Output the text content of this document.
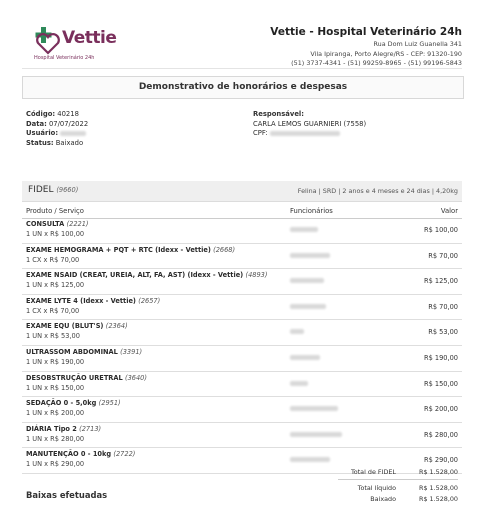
Vettie
Hospital Veterinário 24h
Vettie - Hospital Veterinário 24h
Rua Dom Luiz Guanella 341
Vila Ipiranga, Porto Alegre/RS - CEP: 91320-190
(51) 3737-4341 - (51) 99259-8965 - (51) 99196-5843
Demonstrativo de honorários e despesas
Código: 40218
Data: 07/07/2022
Usuário:
Status: Baixado
Responsável:
CARLA LEMOS GUARNIERI (7558)
CPF:
FIDEL (9660)	Felina | SRD | 2 anos e 4 meses e 24 dias | 4,20kg
Produto / Serviço	Funcionários	Valor
CONSULTA (2221)
1 UN x R$ 100,00	R$ 100,00
EXAME HEMOGRAMA + PQT + RTC (Idexx - Vettie) (2668)
1 CX x R$ 70,00	R$ 70,00
EXAME NSAID (CREAT, UREIA, ALT, FA, AST) (Idexx - Vettie) (4893)
1 UN x R$ 125,00	R$ 125,00
EXAME LYTE 4 (Idexx - Vettie) (2657)
1 CX x R$ 70,00	R$ 70,00
EXAME EQU (BLUT'S) (2364)
1 UN x R$ 53,00	R$ 53,00
ULTRASSOM ABDOMINAL (3391)
1 UN x R$ 190,00	R$ 190,00
DESOBSTRUÇÃO URETRAL (3640)
1 UN x R$ 150,00	R$ 150,00
SEDAÇÃO 0 - 5,0kg (2951)
1 UN x R$ 200,00	R$ 200,00
DIÁRIA Tipo 2 (2713)
1 UN x R$ 280,00	R$ 280,00
MANUTENÇÃO 0 - 10kg (2722)
1 UN x R$ 290,00	R$ 290,00
Total de FIDEL	R$ 1.528,00
Total líquido	R$ 1.528,00
Baixado	R$ 1.528,00
Baixas efetuadas
